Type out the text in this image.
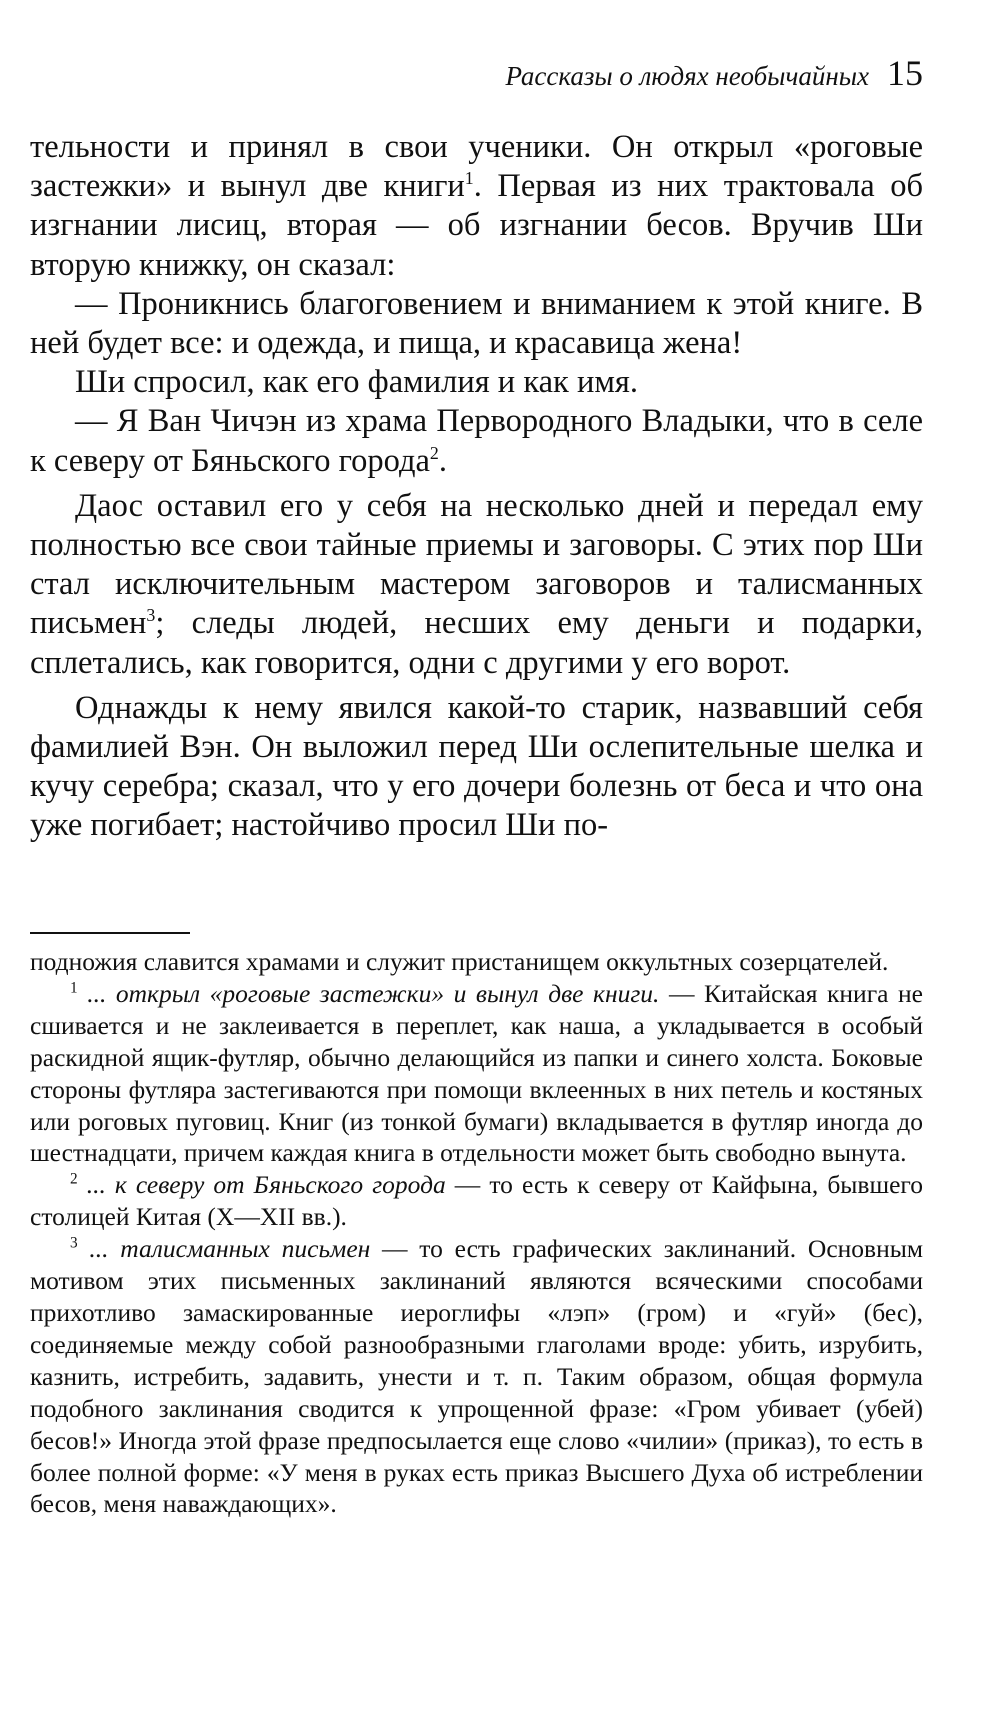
Рассказы о людях необычайных 15

тельности и принял в свои ученики. Он открыл «роговые застежки» и вынул две книги$^1$. Первая из них трактовала об изгнании лисиц, вторая — об изгнании бесов. Вручив Ши вторую книжку, он сказал:

— Проникнись благоговением и вниманием к этой книге. В ней будет все: и одежда, и пища, и красавица жена!

Ши спросил, как его фамилия и как имя.

— Я Ван Чичэн из храма Первородного Владыки, что в селе к северу от Бяньского города$^2$.

Даос оставил его у себя на несколько дней и передал ему полностью все свои тайные приемы и заговоры. С этих пор Ши стал исключительным мастером заговоров и талисманных письмен$^3$; следы людей, несших ему деньги и подарки, сплетались, как говорится, одни с другими у его ворот.

Однажды к нему явился какой-то старик, назвавший себя фамилией Вэн. Он выложил перед Ши ослепительные шелка и кучу серебра; сказал, что у его дочери болезнь от беса и что она уже погибает; настойчиво просил Ши по-

подножия славится храмами и служит пристанищем оккультных созерцателей.

$^1$ ... открыл «роговые застежки» и вынул две книги. — Китайская книга не сшивается и не заклеивается в переплет, как наша, а укладывается в особый раскидной ящик-футляр, обычно делающийся из папки и синего холста. Боковые стороны футляра застегиваются при помощи вклеенных в них петель и костяных или роговых пуговиц. Книг (из тонкой бумаги) вкладывается в футляр иногда до шестнадцати, причем каждая книга в отдельности может быть свободно вынута.

$^2$ ... к северу от Бяньского города — то есть к северу от Кайфына, бывшего столицей Китая (X—XII вв.).

$^3$ ... талисманных письмен — то есть графических заклинаний. Основным мотивом этих письменных заклинаний являются всяческими способами прихотливо замаскированные иероглифы «лэп» (гром) и «гуй» (бес), соединяемые между собой разнообразными глаголами вроде: убить, изрубить, казнить, истребить, задавить, унести и т. п. Таким образом, общая формула подобного заклинания сводится к упрощенной фразе: «Гром убивает (убей) бесов!» Иногда этой фразе предпосылается еще слово «чилии» (приказ), то есть в более полной форме: «У меня в руках есть приказ Высшего Духа об истреблении бесов, меня наваждающих».
